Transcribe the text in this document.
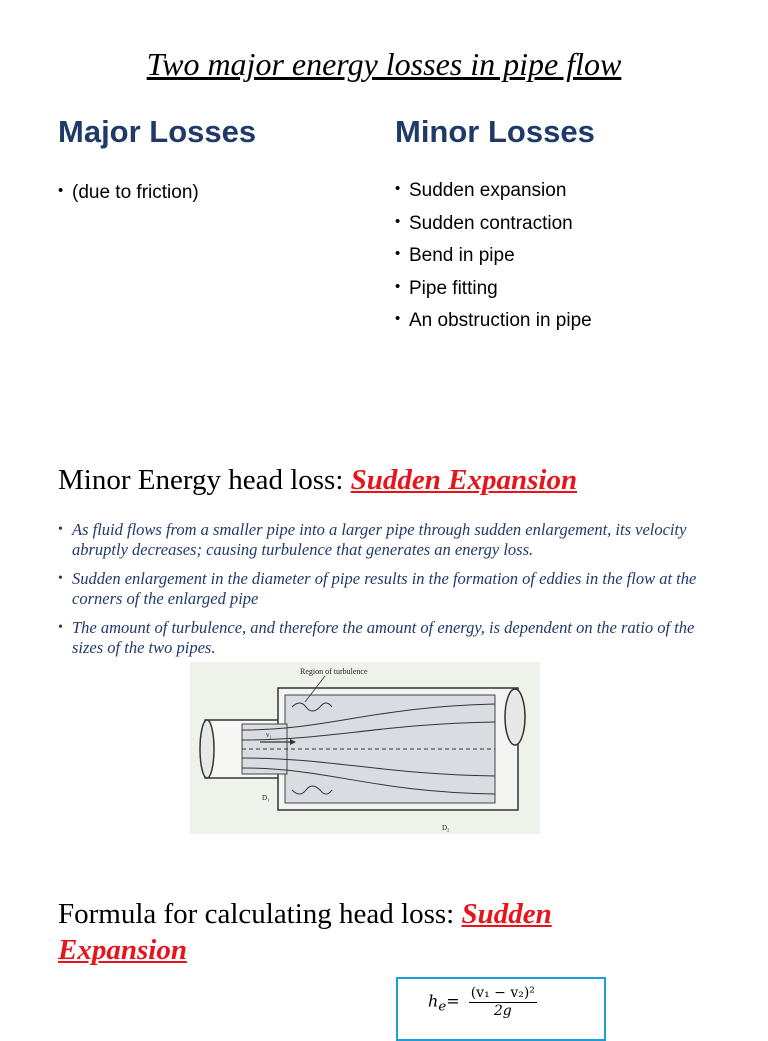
Two major energy losses in pipe flow
Major Losses	Minor Losses
• (due to friction)
•	Sudden expansion
• Sudden contraction
• Bend in pipe
• Pipe fitting
• An obstruction in pipe
Minor Energy head loss: Sudden Expansion
• As fluid flows from a smaller pipe into a larger pipe through sudden enlargement, its velocity abruptly decreases; causing turbulence that generates an energy loss.
• Sudden enlargement in the diameter of pipe results in the formation of eddies in the flow at the corners of the enlarged pipe
• The amount of turbulence, and therefore the amount of energy, is dependent on the ratio of the sizes of the two pipes.
Region of turbulence
v₁
D₁
D₂
Formula for calculating head loss: Sudden
Expansion
$h_e= \frac{\text{(v₁ − v₂)²}}{2g}$
